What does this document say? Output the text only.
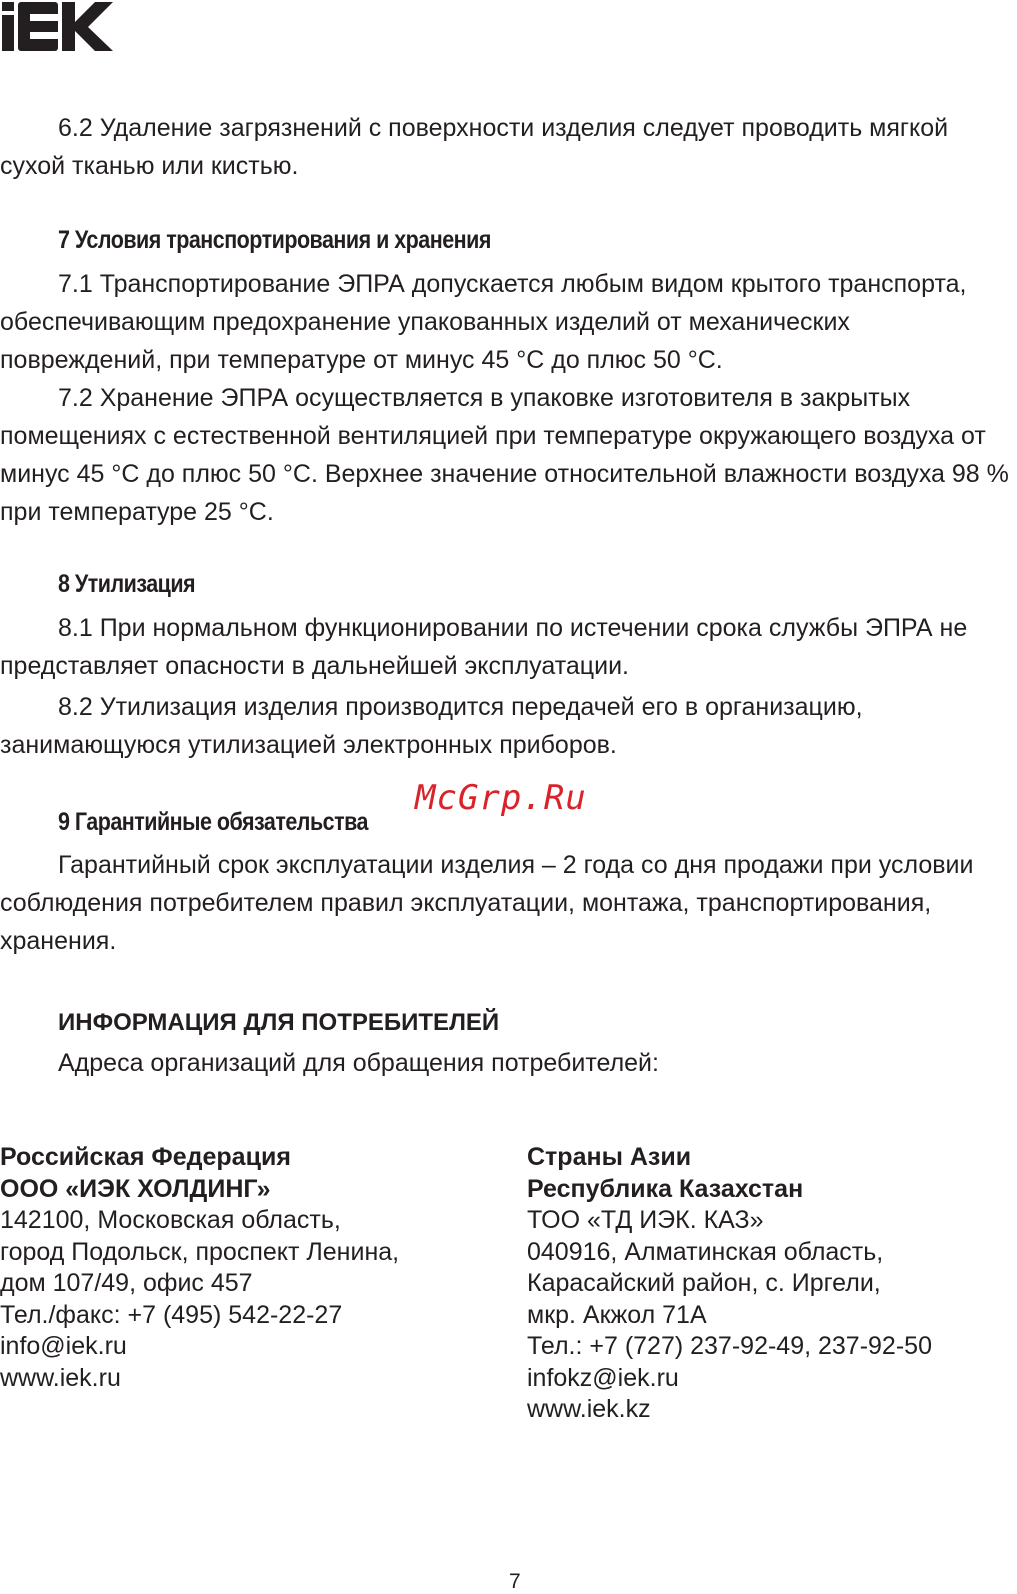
6.2 Удаление загрязнений с поверхности изделия следует проводить мягкой сухой тканью или кистью.

7 Условия транспортирования и хранения

7.1 Транспортирование ЭПРА допускается любым видом крытого транспорта, обеспечивающим предохранение упакованных изделий от механических повреждений, при температуре от минус 45 °С до плюс 50 °С.

7.2 Хранение ЭПРА осуществляется в упаковке изготовителя в закрытых помещениях с естественной вентиляцией при температуре окружающего воздуха от минус 45 °С до плюс 50 °С. Верхнее значение относительной влажности воздуха 98 % при температуре 25 °С.

8 Утилизация

8.1 При нормальном функционировании по истечении срока службы ЭПРА не представляет опасности в дальнейшей эксплуатации.

8.2 Утилизация изделия производится передачей его в организацию, занимающуюся утилизацией электронных приборов.

McGrp.Ru
9 Гарантийные обязательства

Гарантийный срок эксплуатации изделия – 2 года со дня продажи при условии соблюдения потребителем правил эксплуатации, монтажа, транспортирования, хранения.

ИНФОРМАЦИЯ ДЛЯ ПОТРЕБИТЕЛЕЙ

Адреса организаций для обращения потребителей:

Российская Федерация
ООО «ИЭК ХОЛДИНГ»
142100, Московская область,
город Подольск, проспект Ленина,
дом 107/49, офис 457
Тел./факс: +7 (495) 542-22-27
info@iek.ru
www.iek.ru
Страны Азии
Республика Казахстан
ТОО «ТД ИЭК. КАЗ»
040916, Алматинская область,
Карасайский район, с. Иргели,
мкр. Акжол 71А
Тел.: +7 (727) 237-92-49, 237-92-50
infokz@iek.ru
www.iek.kz
7
